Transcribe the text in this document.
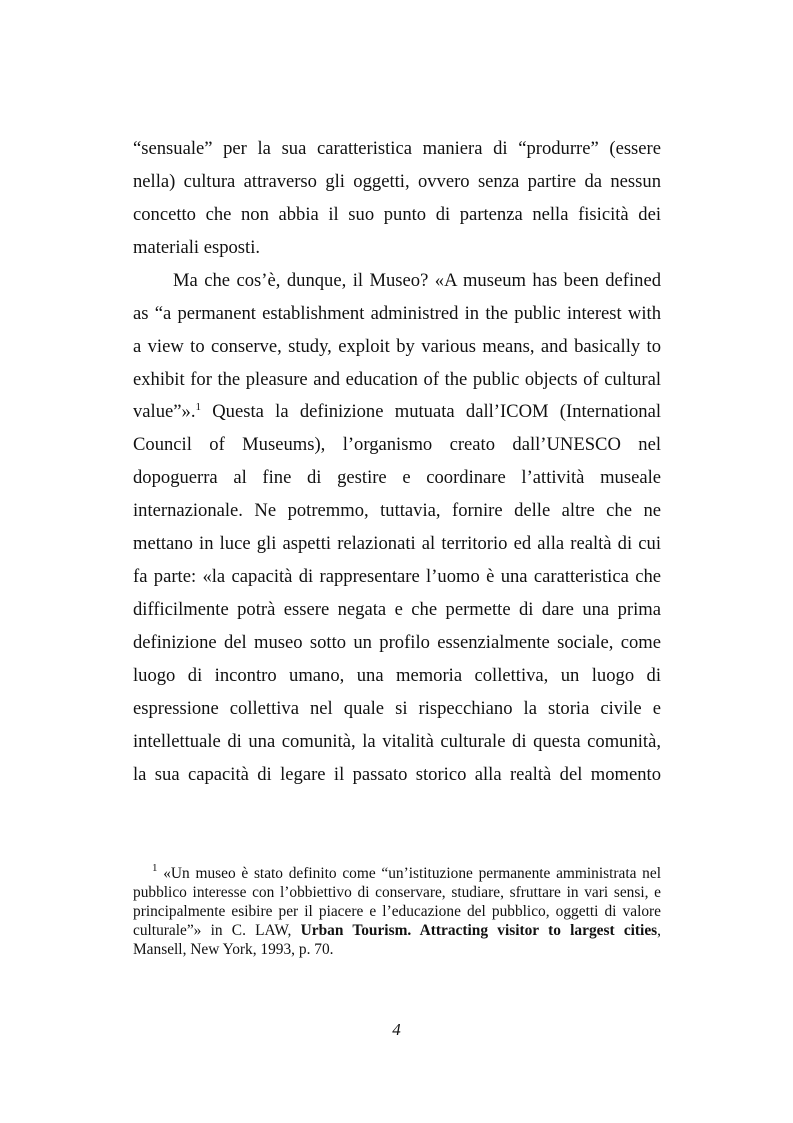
“sensuale” per la sua caratteristica maniera di “produrre” (essere
nella) cultura attraverso gli oggetti, ovvero senza partire da nessun
concetto che non abbia il suo punto di partenza nella fisicità dei
materiali esposti.
Ma che cos’è, dunque, il Museo? «A museum has been defined
as “a permanent establishment administred in the public interest with
a view to conserve, study, exploit by various means, and basically to
exhibit for the pleasure and education of the public objects of cultural
value”».$^1$ Questa la definizione mutuata dall’ICOM (International
Council of Museums), l’organismo creato dall’UNESCO nel
dopoguerra al fine di gestire e coordinare l’attività museale
internazionale. Ne potremmo, tuttavia, fornire delle altre che ne
mettano in luce gli aspetti relazionati al territorio ed alla realtà di cui
fa parte: «la capacità di rappresentare l’uomo è una caratteristica che
difficilmente potrà essere negata e che permette di dare una prima
definizione del museo sotto un profilo essenzialmente sociale, come
luogo di incontro umano, una memoria collettiva, un luogo di
espressione collettiva nel quale si rispecchiano la storia civile e
intellettuale di una comunità, la vitalità culturale di questa comunità,
la sua capacità di legare il passato storico alla realtà del momento
$^1$ «Un museo è stato definito come “un’istituzione permanente amministrata nel
pubblico interesse con l’obbiettivo di conservare, studiare, sfruttare in vari sensi, e
principalmente esibire per il piacere e l’educazione del pubblico, oggetti di valore
culturale”» in C. LAW, Urban Tourism. Attracting visitor to largest cities,
Mansell, New York, 1993, p. 70.
4
